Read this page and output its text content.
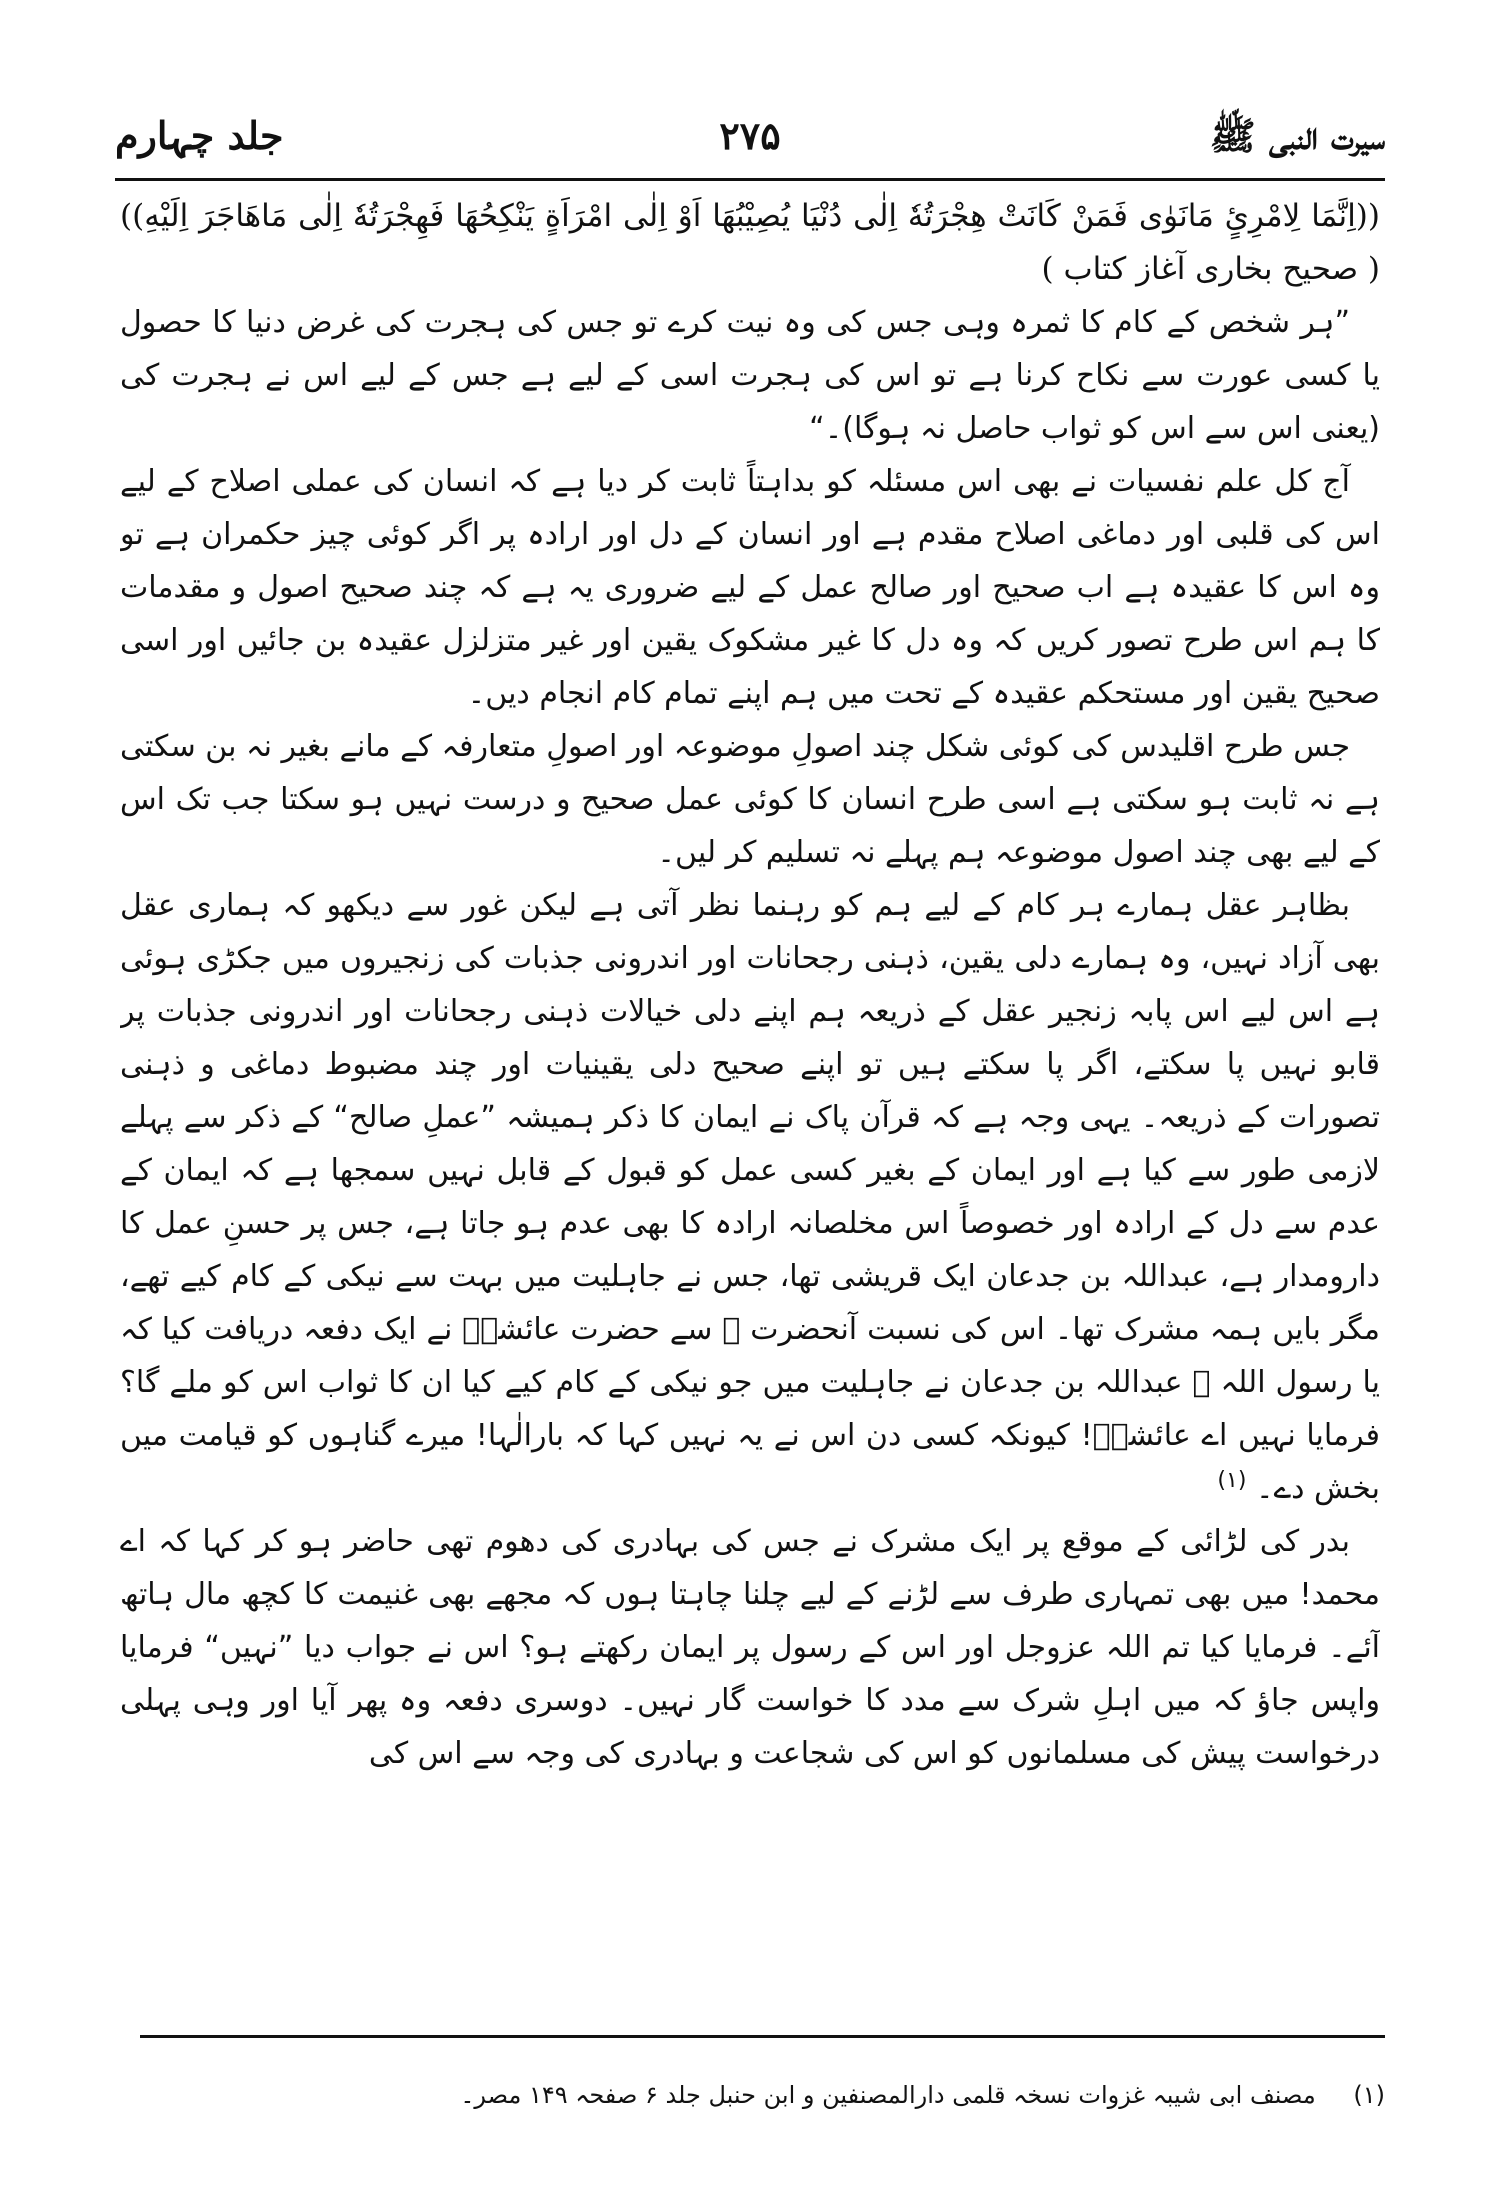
سیرت النبی ﷺ
۲۷۵
جلد چہارم

((اِنَّمَا لِامْرِئٍ مَانَوٰی فَمَنْ کَانَتْ هِجْرَتُهٗ اِلٰی دُنْیَا یُصِیْبُهَا اَوْ اِلٰی امْرَاَةٍ یَنْکِحُهَا فَهِجْرَتُهٗ اِلٰی مَاهَاجَرَ اِلَیْهِ)) ( صحیح بخاری آغاز کتاب )

”ہر شخص کے کام کا ثمرہ وہی جس کی وہ نیت کرے تو جس کی ہجرت کی غرض دنیا کا حصول یا کسی عورت سے نکاح کرنا ہے تو اس کی ہجرت اسی کے لیے ہے جس کے لیے اس نے ہجرت کی (یعنی اس سے اس کو ثواب حاصل نہ ہوگا)۔“

آج کل علم نفسیات نے بھی اس مسئلہ کو بداہتاً ثابت کر دیا ہے کہ انسان کی عملی اصلاح کے لیے اس کی قلبی اور دماغی اصلاح مقدم ہے اور انسان کے دل اور ارادہ پر اگر کوئی چیز حکمران ہے تو وہ اس کا عقیدہ ہے اب صحیح اور صالح عمل کے لیے ضروری یہ ہے کہ چند صحیح اصول و مقدمات کا ہم اس طرح تصور کریں کہ وہ دل کا غیر مشکوک یقین اور غیر متزلزل عقیدہ بن جائیں اور اسی صحیح یقین اور مستحکم عقیدہ کے تحت میں ہم اپنے تمام کام انجام دیں۔

جس طرح اقلیدس کی کوئی شکل چند اصولِ موضوعہ اور اصولِ متعارفہ کے مانے بغیر نہ بن سکتی ہے نہ ثابت ہو سکتی ہے اسی طرح انسان کا کوئی عمل صحیح و درست نہیں ہو سکتا جب تک اس کے لیے بھی چند اصول موضوعہ ہم پہلے نہ تسلیم کر لیں۔

بظاہر عقل ہمارے ہر کام کے لیے ہم کو رہنما نظر آتی ہے لیکن غور سے دیکھو کہ ہماری عقل بھی آزاد نہیں، وہ ہمارے دلی یقین، ذہنی رجحانات اور اندرونی جذبات کی زنجیروں میں جکڑی ہوئی ہے اس لیے اس پابہ زنجیر عقل کے ذریعہ ہم اپنے دلی خیالات ذہنی رجحانات اور اندرونی جذبات پر قابو نہیں پا سکتے، اگر پا سکتے ہیں تو اپنے صحیح دلی یقینیات اور چند مضبوط دماغی و ذہنی تصورات کے ذریعہ۔ یہی وجہ ہے کہ قرآن پاک نے ایمان کا ذکر ہمیشہ ”عملِ صالح“ کے ذکر سے پہلے لازمی طور سے کیا ہے اور ایمان کے بغیر کسی عمل کو قبول کے قابل نہیں سمجھا ہے کہ ایمان کے عدم سے دل کے ارادہ اور خصوصاً اس مخلصانہ ارادہ کا بھی عدم ہو جاتا ہے، جس پر حسنِ عمل کا دارومدار ہے، عبداللہ بن جدعان ایک قریشی تھا، جس نے جاہلیت میں بہت سے نیکی کے کام کیے تھے، مگر بایں ہمہ مشرک تھا۔ اس کی نسبت آنحضرت ﷺ سے حضرت عائشہؓ نے ایک دفعہ دریافت کیا کہ یا رسول اللہ ﷺ عبداللہ بن جدعان نے جاہلیت میں جو نیکی کے کام کیے کیا ان کا ثواب اس کو ملے گا؟ فرمایا نہیں اے عائشہؓ! کیونکہ کسی دن اس نے یہ نہیں کہا کہ بارالٰہا! میرے گناہوں کو قیامت میں بخش دے۔ $^{(۱)}$

بدر کی لڑائی کے موقع پر ایک مشرک نے جس کی بہادری کی دھوم تھی حاضر ہو کر کہا کہ اے محمد! میں بھی تمہاری طرف سے لڑنے کے لیے چلنا چاہتا ہوں کہ مجھے بھی غنیمت کا کچھ مال ہاتھ آئے۔ فرمایا کیا تم اللہ عزوجل اور اس کے رسول پر ایمان رکھتے ہو؟ اس نے جواب دیا ”نہیں“ فرمایا واپس جاؤ کہ میں اہلِ شرک سے مدد کا خواست گار نہیں۔ دوسری دفعہ وہ پھر آیا اور وہی پہلی درخواست پیش کی مسلمانوں کو اس کی شجاعت و بہادری کی وجہ سے اس کی

(۱) مصنف ابی شیبہ غزوات نسخہ قلمی دارالمصنفین و ابن حنبل جلد ۶ صفحہ ۱۴۹ مصر۔
